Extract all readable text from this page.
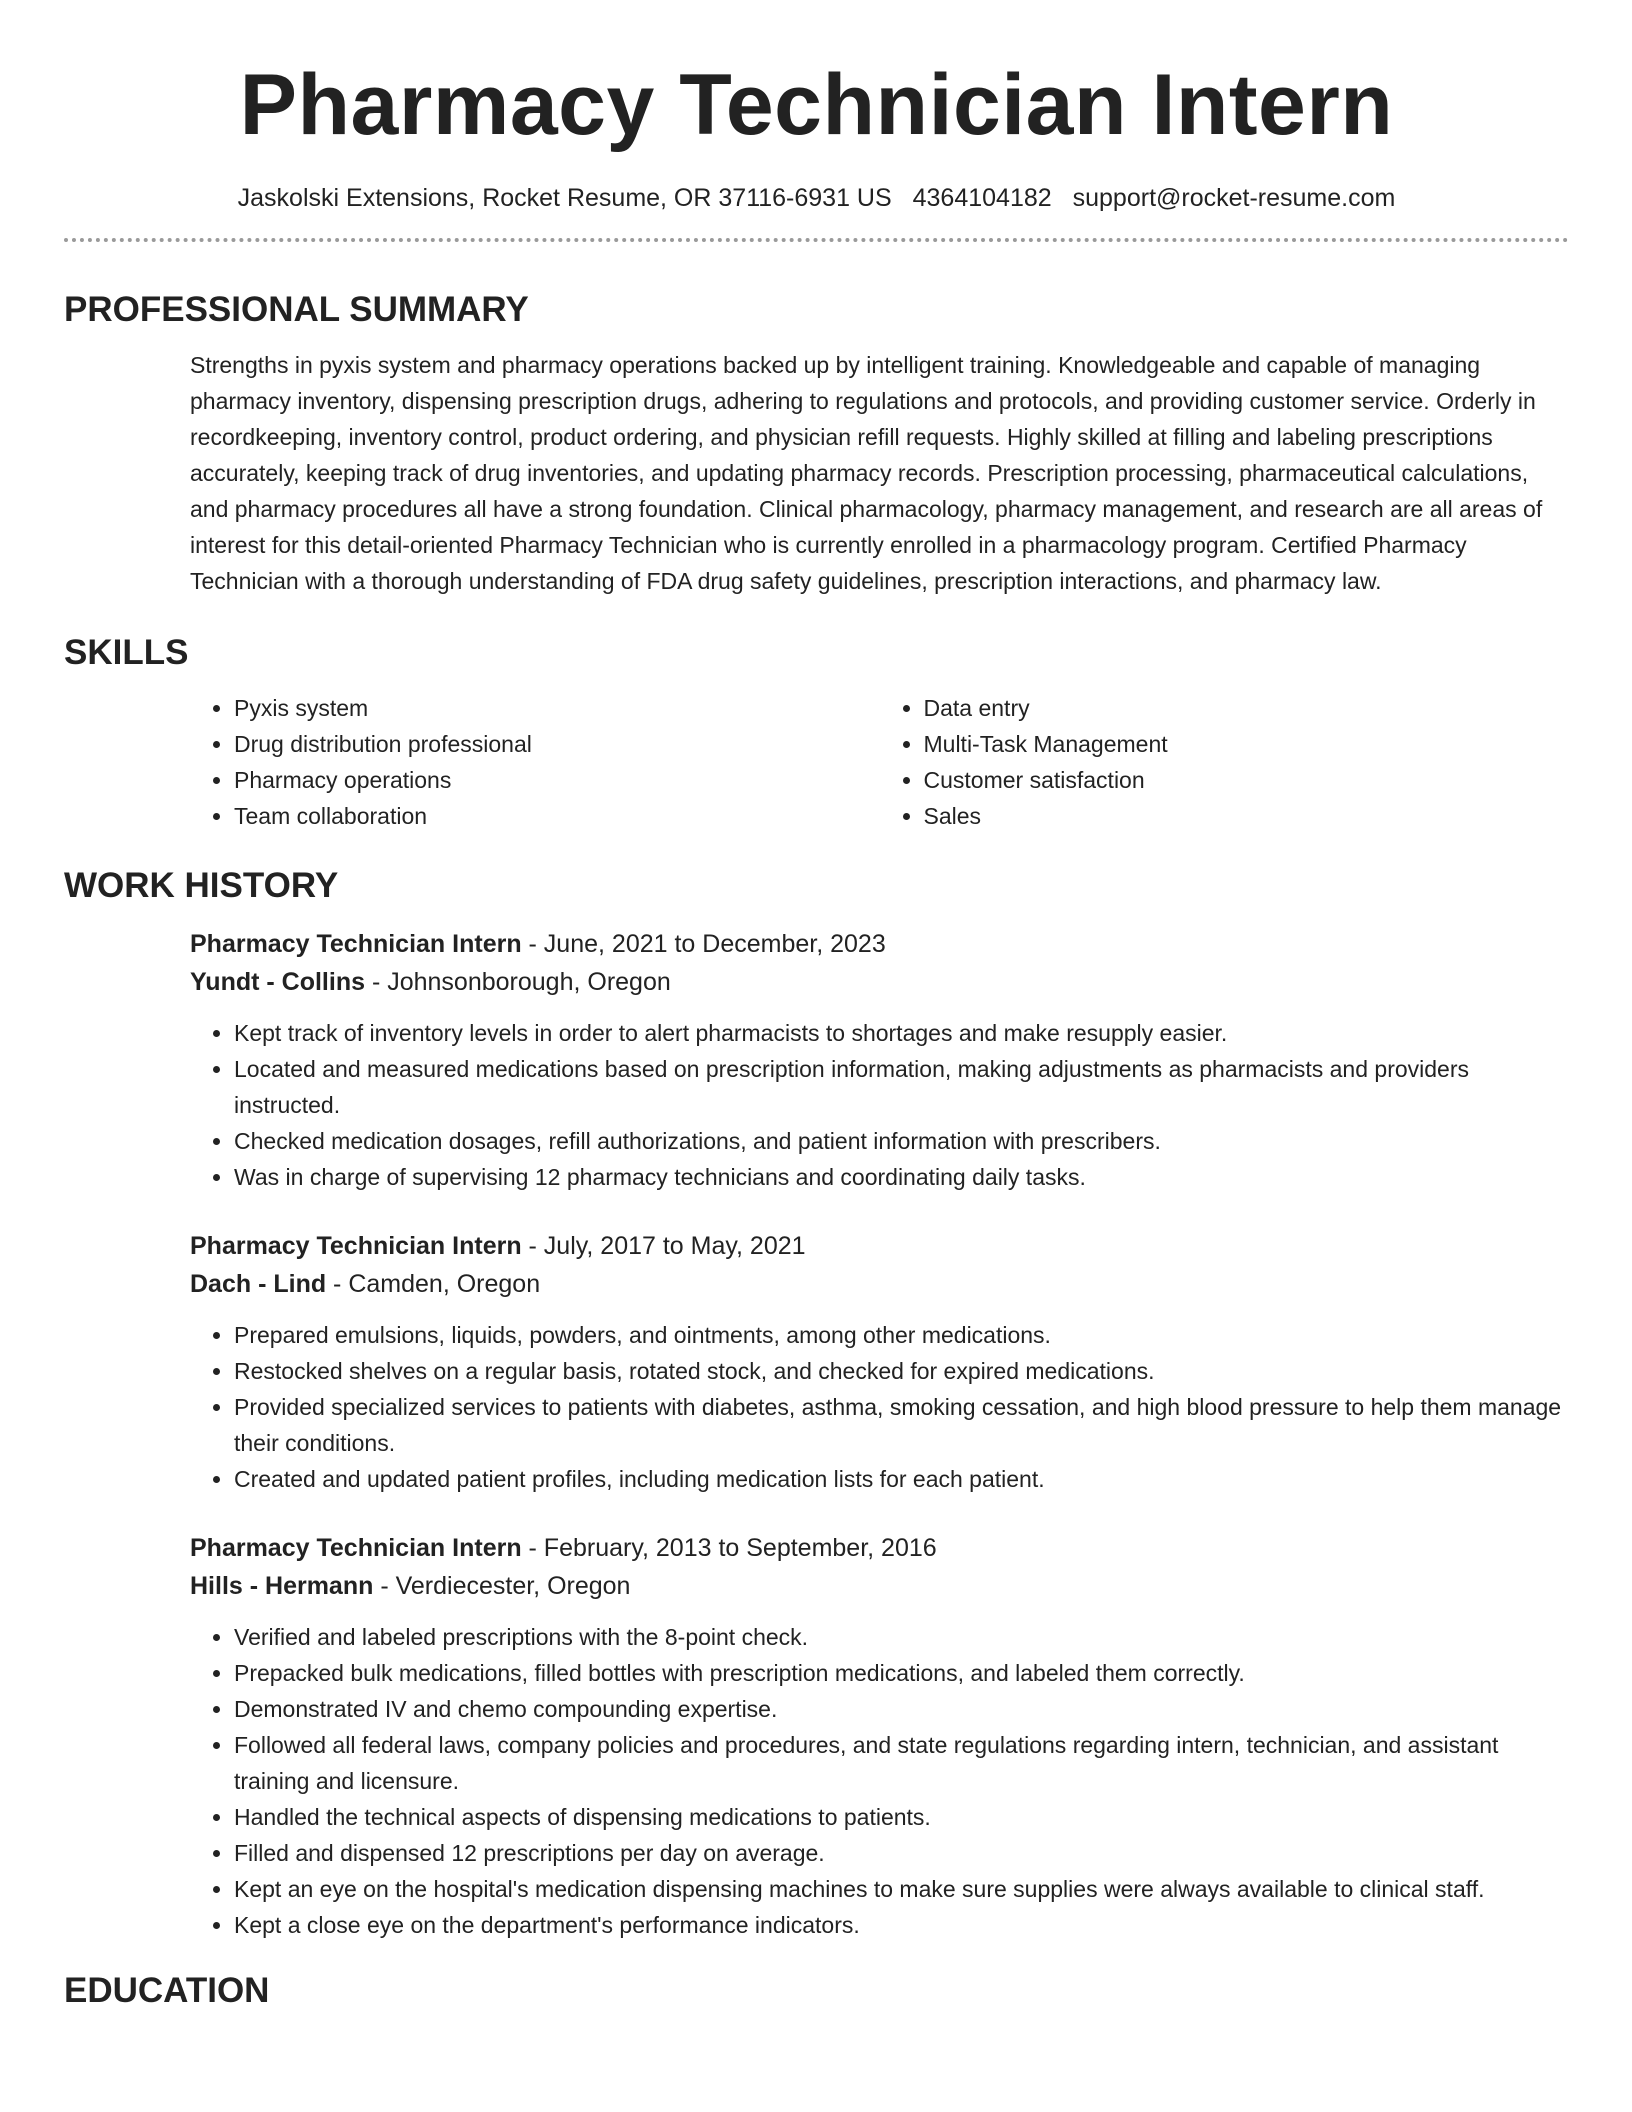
Pharmacy Technician Intern
Jaskolski Extensions, Rocket Resume, OR 37116-6931 US 4364104182 support@rocket-resume.com
PROFESSIONAL SUMMARY

Strengths in pyxis system and pharmacy operations backed up by intelligent training. Knowledgeable and capable of managing pharmacy inventory, dispensing prescription drugs, adhering to regulations and protocols, and providing customer service. Orderly in recordkeeping, inventory control, product ordering, and physician refill requests. Highly skilled at filling and labeling prescriptions accurately, keeping track of drug inventories, and updating pharmacy records. Prescription processing, pharmaceutical calculations, and pharmacy procedures all have a strong foundation. Clinical pharmacology, pharmacy management, and research are all areas of interest for this detail-oriented Pharmacy Technician who is currently enrolled in a pharmacology program. Certified Pharmacy Technician with a thorough understanding of FDA drug safety guidelines, prescription interactions, and pharmacy law.

SKILLS
• Pyxis system
• Drug distribution professional
• Pharmacy operations
• Team collaboration
• Data entry
• Multi-Task Management
• Customer satisfaction
• Sales
WORK HISTORY
Pharmacy Technician Intern - June, 2021 to December, 2023
Yundt - Collins - Johnsonborough, Oregon
• Kept track of inventory levels in order to alert pharmacists to shortages and make resupply easier.
• Located and measured medications based on prescription information, making adjustments as pharmacists and providers instructed.
• Checked medication dosages, refill authorizations, and patient information with prescribers.
• Was in charge of supervising 12 pharmacy technicians and coordinating daily tasks.
Pharmacy Technician Intern - July, 2017 to May, 2021
Dach - Lind - Camden, Oregon
• Prepared emulsions, liquids, powders, and ointments, among other medications.
• Restocked shelves on a regular basis, rotated stock, and checked for expired medications.
• Provided specialized services to patients with diabetes, asthma, smoking cessation, and high blood pressure to help them manage their conditions.
• Created and updated patient profiles, including medication lists for each patient.
Pharmacy Technician Intern - February, 2013 to September, 2016
Hills - Hermann - Verdiecester, Oregon
• Verified and labeled prescriptions with the 8-point check.
• Prepacked bulk medications, filled bottles with prescription medications, and labeled them correctly.
• Demonstrated IV and chemo compounding expertise.
• Followed all federal laws, company policies and procedures, and state regulations regarding intern, technician, and assistant training and licensure.
• Handled the technical aspects of dispensing medications to patients.
• Filled and dispensed 12 prescriptions per day on average.
• Kept an eye on the hospital's medication dispensing machines to make sure supplies were always available to clinical staff.
• Kept a close eye on the department's performance indicators.
EDUCATION
